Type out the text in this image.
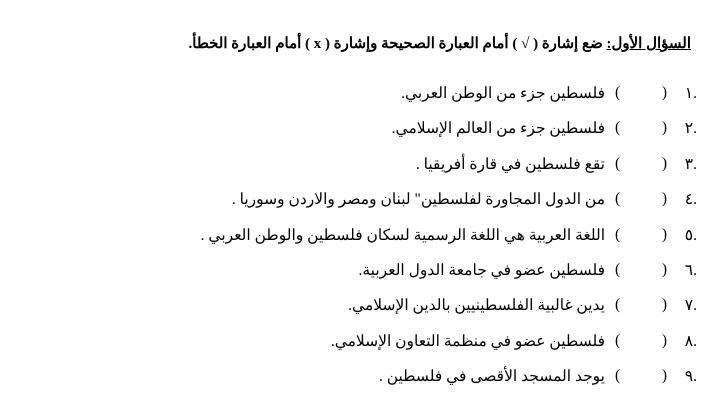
السؤال الأول: ضع إشارة ( √ ) أمام العبارة الصحيحة وإشارة ( x ) أمام العبارة الخطأ.
.١
(
)
فلسطين جزء من الوطن العربي.
.٢
(
)
فلسطين جزء من العالم الإسلامي.
.٣
(
)
تقع فلسطين في قارة أفريقيا .
.٤
(
)
من الدول المجاورة لفلسطين" لبنان ومصر والاردن وسوريا .
.٥
(
)
اللغة العربية هي اللغة الرسمية لسكان فلسطين والوطن العربي .
.٦
(
)
فلسطين عضو في جامعة الدول العربية.
.٧
(
)
يدين غالبية الفلسطينيين بالدين الإسلامي.
.٨
(
)
فلسطين عضو في منظمة التعاون الإسلامي.
.٩
(
)
يوجد المسجد الأقصى في فلسطين .
